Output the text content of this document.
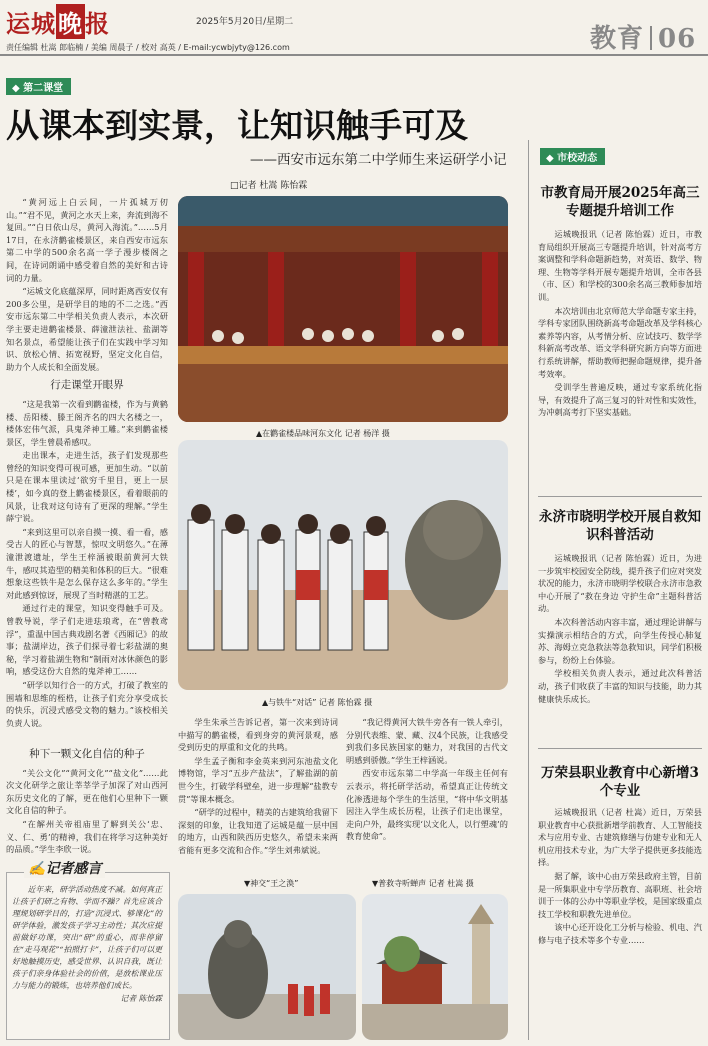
运城晚报	2025年5月20日/星期二
责任编辑 杜嵩 郎临楠 / 美编 周晨子 / 校对 高英 / E-mail:ycwbjyty@126.com	教育 06
◆ 第二课堂
从课本到实景，让知识触手可及
——西安市远东第二中学师生来运研学小记
□记者 杜嵩 陈怡霖

“黄河远上白云间，一片孤城万仞山。”“君不见，黄河之水天上来，奔流到海不复回。”“白日依山尽，黄河入海流。”……5月17日，在永济鹳雀楼景区，来自西安市远东第二中学的500余名高一学子漫步楼阁之间，在诗词朗诵中感受着自然的美好和古诗词的力量。

“运城文化底蕴深厚，同时距离西安仅有200多公里，是研学目的地的不二之选。”西安市远东第二中学相关负责人表示，本次研学主要走进鹳雀楼景、薛潼泄法社、盐湖等知名景点，希望能让孩子们在实践中学习知识、放松心情、拓宽视野，坚定文化自信，助力个人成长和全面发展。

行走课堂开眼界

“这是我第一次看到鹳雀楼，作为与黄鹤楼、岳阳楼、滕王阁齐名的四大名楼之一，楼体宏伟气派，具鬼斧神工雕。”来到鹳雀楼景区，学生曾晨希感叹。

走出课本，走进生活，孩子们发现那些曾经的知识变得可视可感，更加生动。“以前只是在课本里读过‘欲穷千里目，更上一层楼’，如今真的登上鹳雀楼景区，看着眼前的风景，让我对这句诗有了更深的理解。”学生薛宁说。

“来到这里可以亲自摸一摸、看一看，感受古人的匠心与智慧，惊叹文明悠久。”在薄潼泄渡遗址，学生王梓涵被眼前黄河大铁牛，感叹其造型的精美和体积的巨大。“很难想象这些铁牛是怎么保存这么多年的。”学生对此感到惊讶，展现了当时精湛的工艺。

通过行走的课堂，知识变得触手可及。曾教导说，学子们走进珐琅鸢，在“曾教鸢浮”，重温中国古典戏剧名著《西厢记》的故事；盐湖岸边，孩子们探寻着七彩盐湖的奥秘，学习着盐湖生物和“制雨对冰休颜色的影响，感受这份大自然的鬼斧神工……

“研学以知行合一的方式，打破了教室的围墙和思维的桎梏，让孩子们充分享受成长的快乐，沉浸式感受文物的魅力。”该校相关负责人说。

种下一颗文化自信的种子

“关公文化”“黄河文化”“盐文化”……此次文化研学之旅让莘莘学子加深了对山西河东历史文化的了解，更在他们心里种下一颗文化自信的种子。

“在解州关帝祖庙里了解到关公‘忠、义、仁、勇’的精神，我们在将学习这种美好的品质。”学生李欣一说。

▲在鹳雀楼品味河东文化 记者 杨洋 摄
▲与铁牛“对话” 记者 陈怡霖 摄

学生朱承兰告诉记者，第一次来到诗词中描写的鹳雀楼，看到身旁的黄河景观，感受到历史的厚重和文化的共鸣。

学生孟子衡和李金英来到河东池盐文化博物馆，学习“五步产盐法”，了解盐湖的前世今生，打破学科壁垒，进一步理解“盐教专贯”等课本概念。

“研学的过程中，精美的古建筑给我留下深刻的印象，让我知道了运城是蕴一层中国的地方，山西和陕西历史悠久，希望未来两省能有更多交流和合作。”学生刘弗斌说。

“我记得黄河大铁牛旁各有一铁人牵引，分别代表维、蒙、藏、汉4个民族，让我感受到我们多民族国家的魅力，对我国的古代文明感到骄傲。”学生王梓涵说。

西安市远东第二中学高一年级主任何有云表示，将托研学活动，希望真正让传统文化渗透进每个学生的生活里，“将中华文明基因注入学生成长历程，让孩子们走出课堂，走向户外，最终实现‘以文化人，以行塑魂’的教育使命”。

▼神交“王之涣”	▼普救寺听蝉声 记者 杜嵩 摄
✍记者感言

近年来，研学活动热度不减。如何真正让孩子们研之有物、学而不躁？首先应该合理规划研学目的，打造“沉浸式、够课化”的研学体验，激发孩子学习主动性；其次应提前做好功课，突出“研”的重心，而非停留在“走马观花”“拍照打卡”，让孩子们可以更好地触摸历史，感受世界、认识自我，既让孩子们亲身体验社会的价值，是放松课业压力与能力的锻炼，也培养他们成长。

记者 陈怡霖
◆ 市校动态
市教育局开展2025年高三专题提升培训工作

运城晚报讯（记者 陈怡霖）近日，市教育局组织开展高三专题提升培训，针对高考方案调整和学科命题新趋势，对英语、数学、物理、生物等学科开展专题提升培训，全市各县（市、区）和学校的300余名高三教师参加培训。

本次培训由北京师范大学命题专家主持，学科专家团队围绕新高考命题改革及学科核心素养等内容，从考情分析、应试技巧、数学学科新高考改革、语文学科研究新方向等方面进行系统讲解，帮助教师把握命题规律，提升备考效率。

受训学生普遍反映，通过专家系统化指导，有效提升了高三复习的针对性和实效性，为冲刺高考打下坚实基础。

永济市晓明学校开展自救知识科普活动

运城晚报讯（记者 陈怡霖）近日，为进一步筑牢校园安全防线，提升孩子们应对突发状况的能力，永济市晓明学校联合永济市急救中心开展了“救在身边 守护生命”主题科普活动。

本次科普活动内容丰富，通过理论讲解与实操演示相结合的方式，向学生传授心肺复苏、海姆立克急救法等急救知识，同学们积极参与，纷纷上台体验。

学校相关负责人表示，通过此次科普活动，孩子们收获了丰富的知识与技能，助力其健康快乐成长。

万荣县职业教育中心新增3个专业

运城晚报讯（记者 杜嵩）近日，万荣县职业教育中心获批新增学前教育、人工智能技术与应用专业、古建筑修缮与仿建专业和无人机应用技术专业，为广大学子提供更多技能选择。

据了解，该中心由万荣县政府主管，目前是一所集职业中专学历教育、高职班、社会培训于一体的公办中等职业学校，是国家级重点技工学校和职教先进单位。

该中心还开设化工分析与检验、机电、汽修与电子技术等多个专业……
